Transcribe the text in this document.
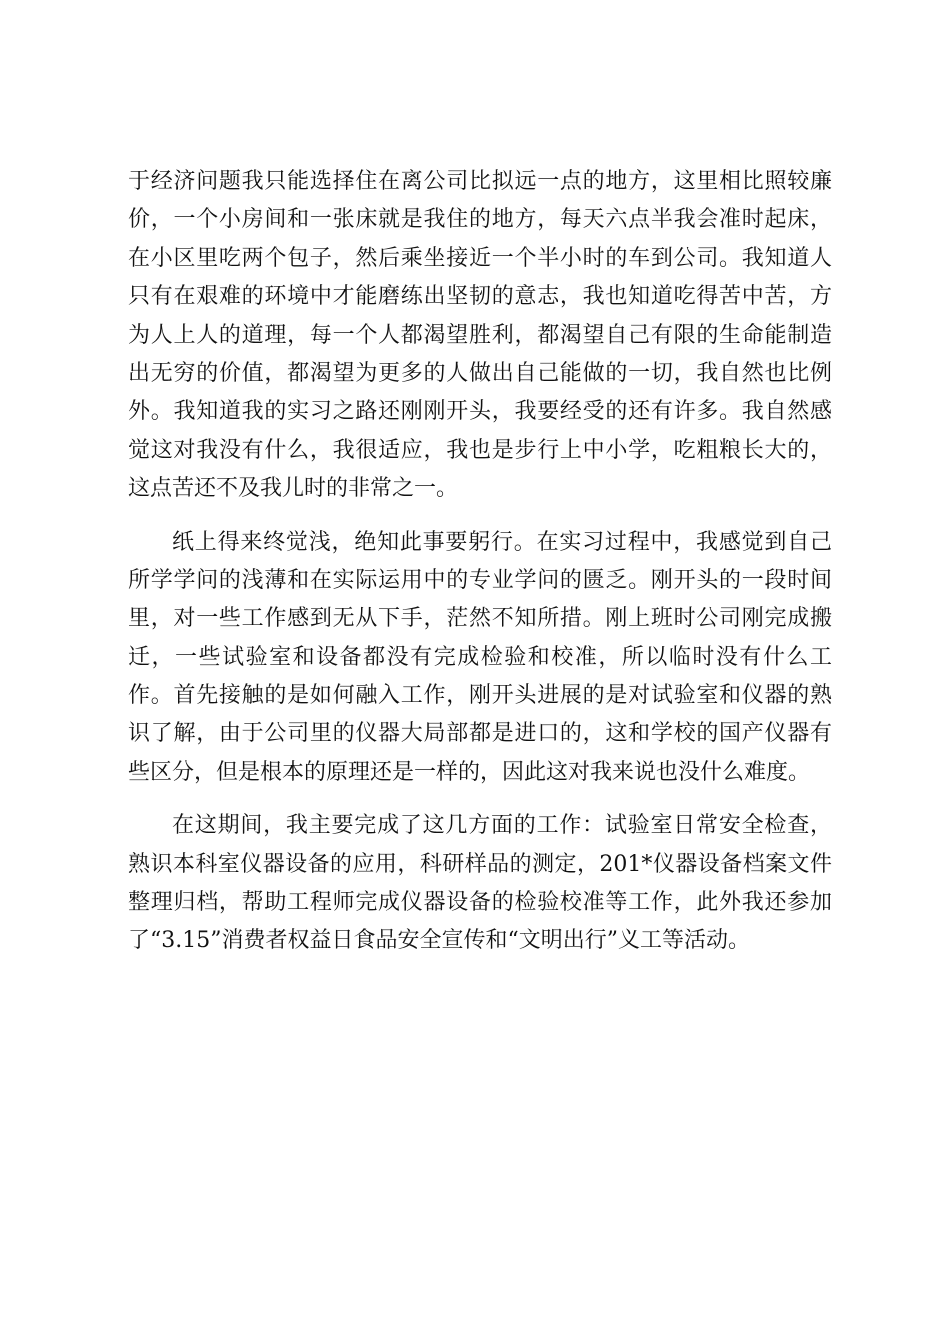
于经济问题我只能选择住在离公司比拟远一点的地方，这里相比照较廉
价，一个小房间和一张床就是我住的地方，每天六点半我会准时起床，
在小区里吃两个包子，然后乘坐接近一个半小时的车到公司。我知道人
只有在艰难的环境中才能磨练出坚韧的意志，我也知道吃得苦中苦，方
为人上人的道理，每一个人都渴望胜利，都渴望自己有限的生命能制造
出无穷的价值，都渴望为更多的人做出自己能做的一切，我自然也比例
外。我知道我的实习之路还刚刚开头，我要经受的还有许多。我自然感
觉这对我没有什么，我很适应，我也是步行上中小学，吃粗粮长大的，
这点苦还不及我儿时的非常之一。
纸上得来终觉浅，绝知此事要躬行。在实习过程中，我感觉到自己
所学学问的浅薄和在实际运用中的专业学问的匮乏。刚开头的一段时间
里，对一些工作感到无从下手，茫然不知所措。刚上班时公司刚完成搬
迁，一些试验室和设备都没有完成检验和校准，所以临时没有什么工
作。首先接触的是如何融入工作，刚开头进展的是对试验室和仪器的熟
识了解，由于公司里的仪器大局部都是进口的，这和学校的国产仪器有
些区分，但是根本的原理还是一样的，因此这对我来说也没什么难度。
在这期间，我主要完成了这几方面的工作：试验室日常安全检查，
熟识本科室仪器设备的应用，科研样品的测定，201*仪器设备档案文件
整理归档，帮助工程师完成仪器设备的检验校准等工作，此外我还参加
了“3.15”消费者权益日食品安全宣传和“文明出行”义工等活动。
